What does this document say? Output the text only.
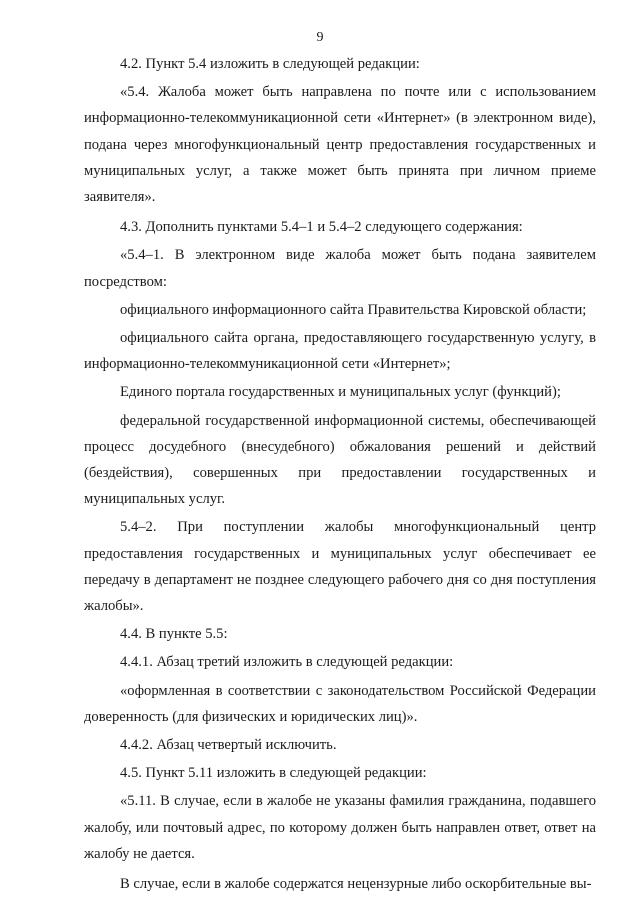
9

4.2. Пункт 5.4 изложить в следующей редакции:

«5.4. Жалоба может быть направлена по почте или с использованием информационно-телекоммуникационной сети «Интернет» (в электронном виде), подана через многофункциональный центр предоставления государственных и муниципальных услуг, а также может быть принята при личном приеме заявителя».

4.3. Дополнить пунктами 5.4–1 и 5.4–2 следующего содержания:

«5.4–1. В электронном виде жалоба может быть подана заявителем посредством:

официального информационного сайта Правительства Кировской области;

официального сайта органа, предоставляющего государственную услугу, в информационно-телекоммуникационной сети «Интернет»;

Единого портала государственных и муниципальных услуг (функций);

федеральной государственной информационной системы, обеспечивающей процесс досудебного (внесудебного) обжалования решений и действий (бездействия), совершенных при предоставлении государственных и муниципальных услуг.

5.4–2. При поступлении жалобы многофункциональный центр предоставления государственных и муниципальных услуг обеспечивает ее передачу в департамент не позднее следующего рабочего дня со дня поступления жалобы».

4.4. В пункте 5.5:

4.4.1. Абзац третий изложить в следующей редакции:

«оформленная в соответствии с законодательством Российской Федерации доверенность (для физических и юридических лиц)».

4.4.2. Абзац четвертый исключить.

4.5. Пункт 5.11 изложить в следующей редакции:

«5.11. В случае, если в жалобе не указаны фамилия гражданина, подавшего жалобу, или почтовый адрес, по которому должен быть направлен ответ, ответ на жалобу не дается.

В случае, если в жалобе содержатся нецензурные либо оскорбительные вы-
